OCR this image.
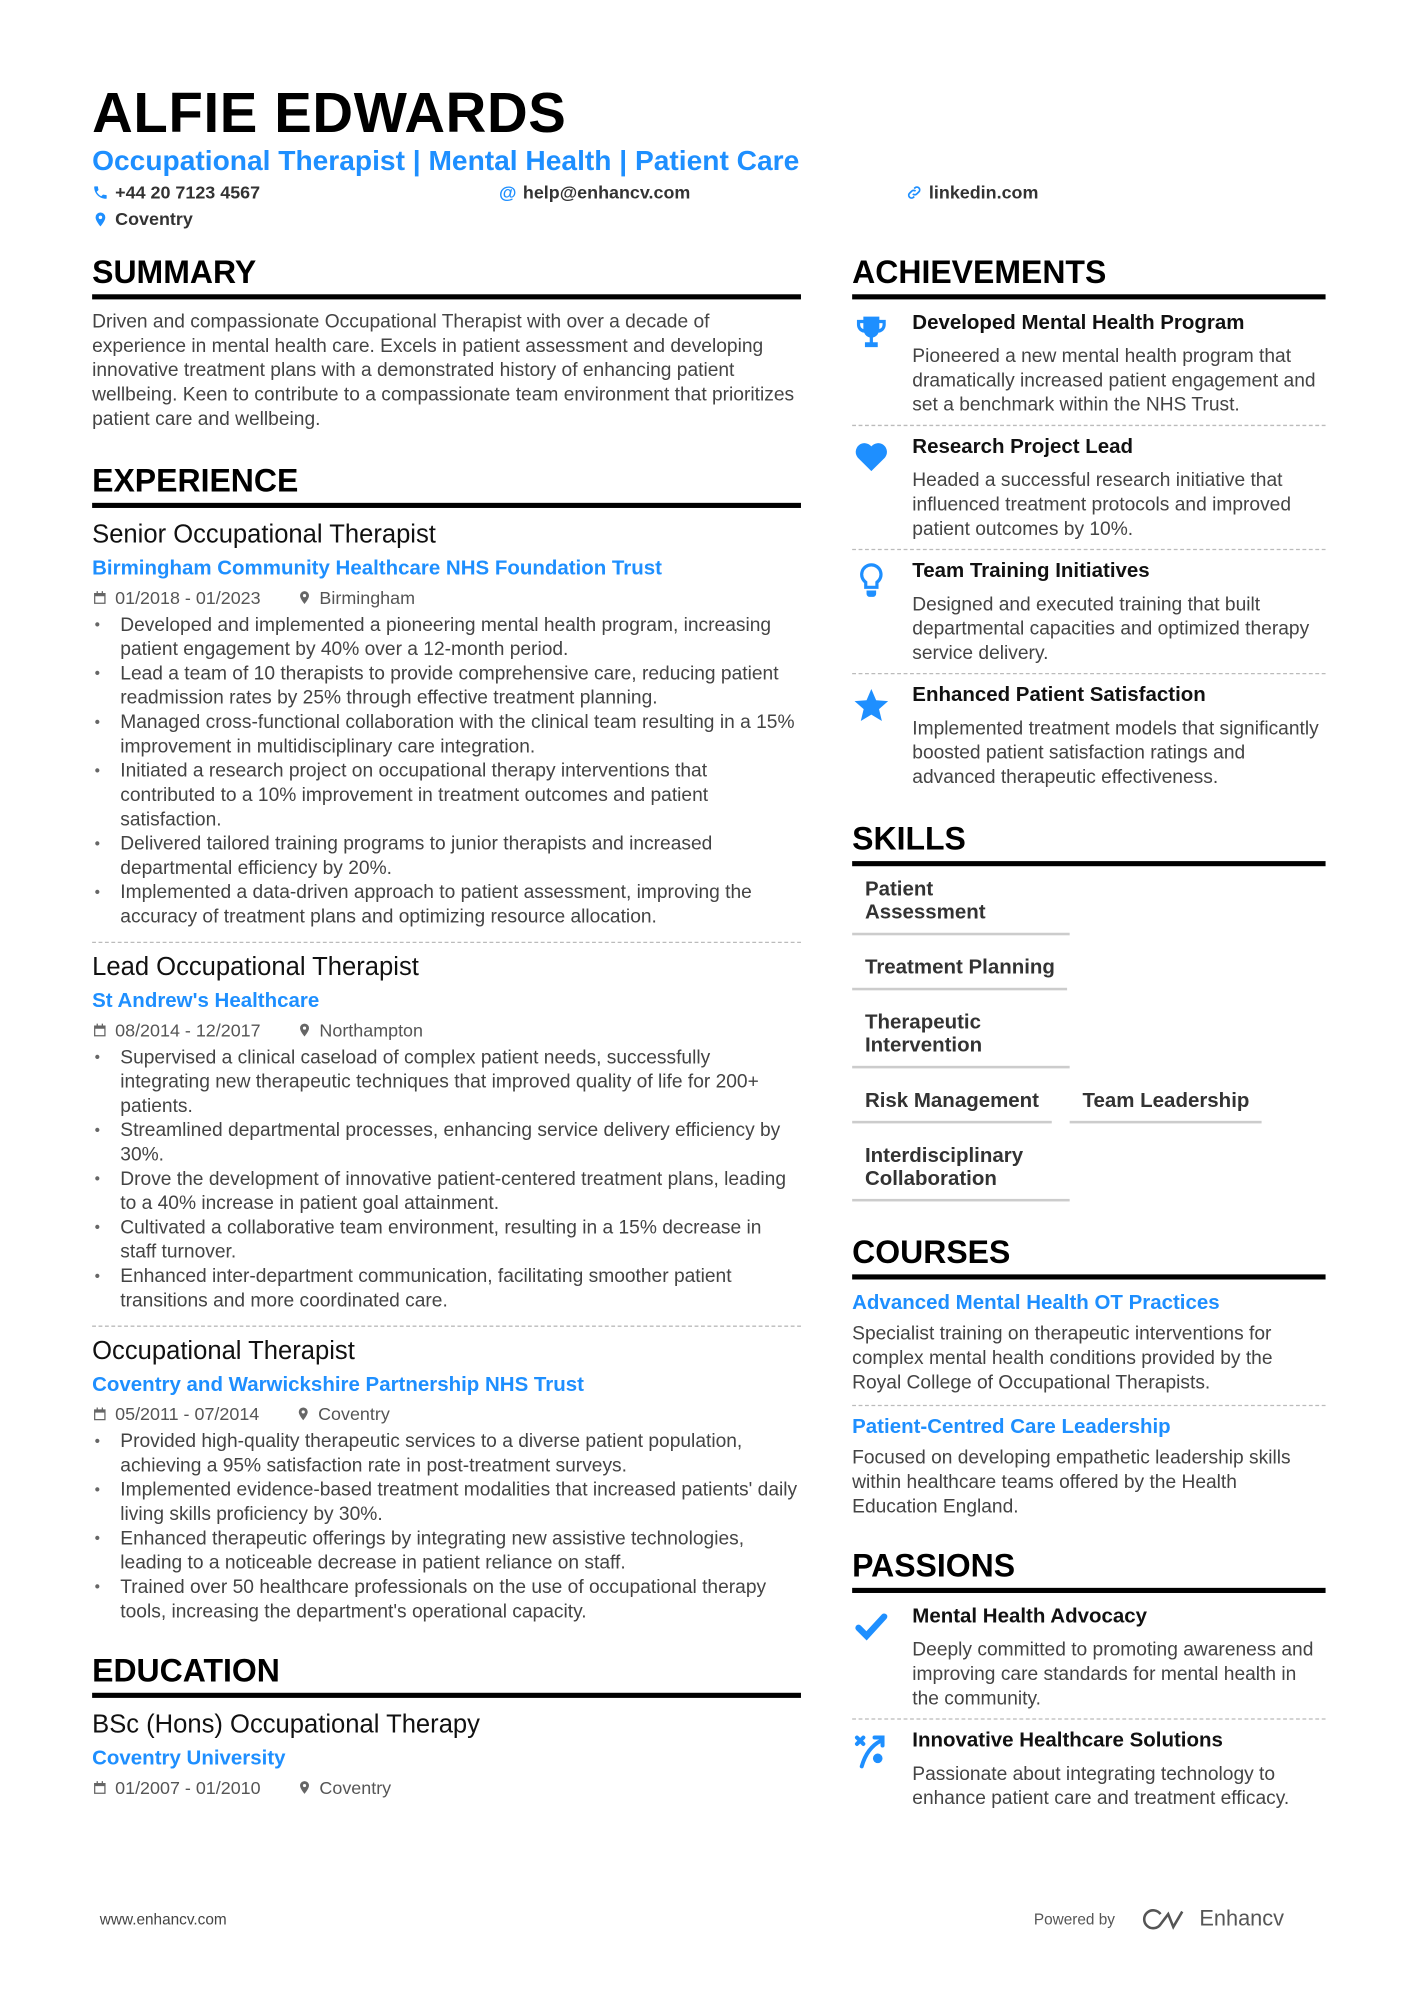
ALFIE EDWARDS
Occupational Therapist | Mental Health | Patient Care
+44 20 7123 4567	@ help@enhancv.com	linkedin.com
Coventry
SUMMARY

Driven and compassionate Occupational Therapist with over a decade of experience in mental health care. Excels in patient assessment and developing innovative treatment plans with a demonstrated history of enhancing patient wellbeing. Keen to contribute to a compassionate team environment that prioritizes patient care and wellbeing.

EXPERIENCE
Senior Occupational Therapist
Birmingham Community Healthcare NHS Foundation Trust
01/2018 - 01/2023	Birmingham
• Developed and implemented a pioneering mental health program, increasing patient engagement by 40% over a 12-month period.
• Lead a team of 10 therapists to provide comprehensive care, reducing patient readmission rates by 25% through effective treatment planning.
• Managed cross-functional collaboration with the clinical team resulting in a 15% improvement in multidisciplinary care integration.
• Initiated a research project on occupational therapy interventions that contributed to a 10% improvement in treatment outcomes and patient satisfaction.
• Delivered tailored training programs to junior therapists and increased departmental efficiency by 20%.
• Implemented a data-driven approach to patient assessment, improving the accuracy of treatment plans and optimizing resource allocation.
Lead Occupational Therapist
St Andrew's Healthcare
08/2014 - 12/2017	Northampton
• Supervised a clinical caseload of complex patient needs, successfully integrating new therapeutic techniques that improved quality of life for 200+ patients.
• Streamlined departmental processes, enhancing service delivery efficiency by 30%.
• Drove the development of innovative patient-centered treatment plans, leading to a 40% increase in patient goal attainment.
• Cultivated a collaborative team environment, resulting in a 15% decrease in staff turnover.
• Enhanced inter-department communication, facilitating smoother patient transitions and more coordinated care.
Occupational Therapist
Coventry and Warwickshire Partnership NHS Trust
05/2011 - 07/2014	Coventry
• Provided high-quality therapeutic services to a diverse patient population, achieving a 95% satisfaction rate in post-treatment surveys.
• Implemented evidence-based treatment modalities that increased patients' daily living skills proficiency by 30%.
• Enhanced therapeutic offerings by integrating new assistive technologies, leading to a noticeable decrease in patient reliance on staff.
• Trained over 50 healthcare professionals on the use of occupational therapy tools, increasing the department's operational capacity.
EDUCATION
BSc (Hons) Occupational Therapy
Coventry University
01/2007 - 01/2010	Coventry
ACHIEVEMENTS
Developed Mental Health Program

Pioneered a new mental health program that dramatically increased patient engagement and set a benchmark within the NHS Trust.

Research Project Lead

Headed a successful research initiative that influenced treatment protocols and improved patient outcomes by 10%.

Team Training Initiatives

Designed and executed training that built departmental capacities and optimized therapy service delivery.

Enhanced Patient Satisfaction

Implemented treatment models that significantly boosted patient satisfaction ratings and advanced therapeutic effectiveness.

SKILLS
Patient Assessment
Treatment Planning
Therapeutic Intervention
Risk Management	Team Leadership
Interdisciplinary Collaboration
COURSES
Advanced Mental Health OT Practices

Specialist training on therapeutic interventions for complex mental health conditions provided by the Royal College of Occupational Therapists.

Patient-Centred Care Leadership

Focused on developing empathetic leadership skills within healthcare teams offered by the Health Education England.

PASSIONS
Mental Health Advocacy

Deeply committed to promoting awareness and improving care standards for mental health in the community.

Innovative Healthcare Solutions

Passionate about integrating technology to enhance patient care and treatment efficacy.

www.enhancv.com	Powered by	Enhancv
